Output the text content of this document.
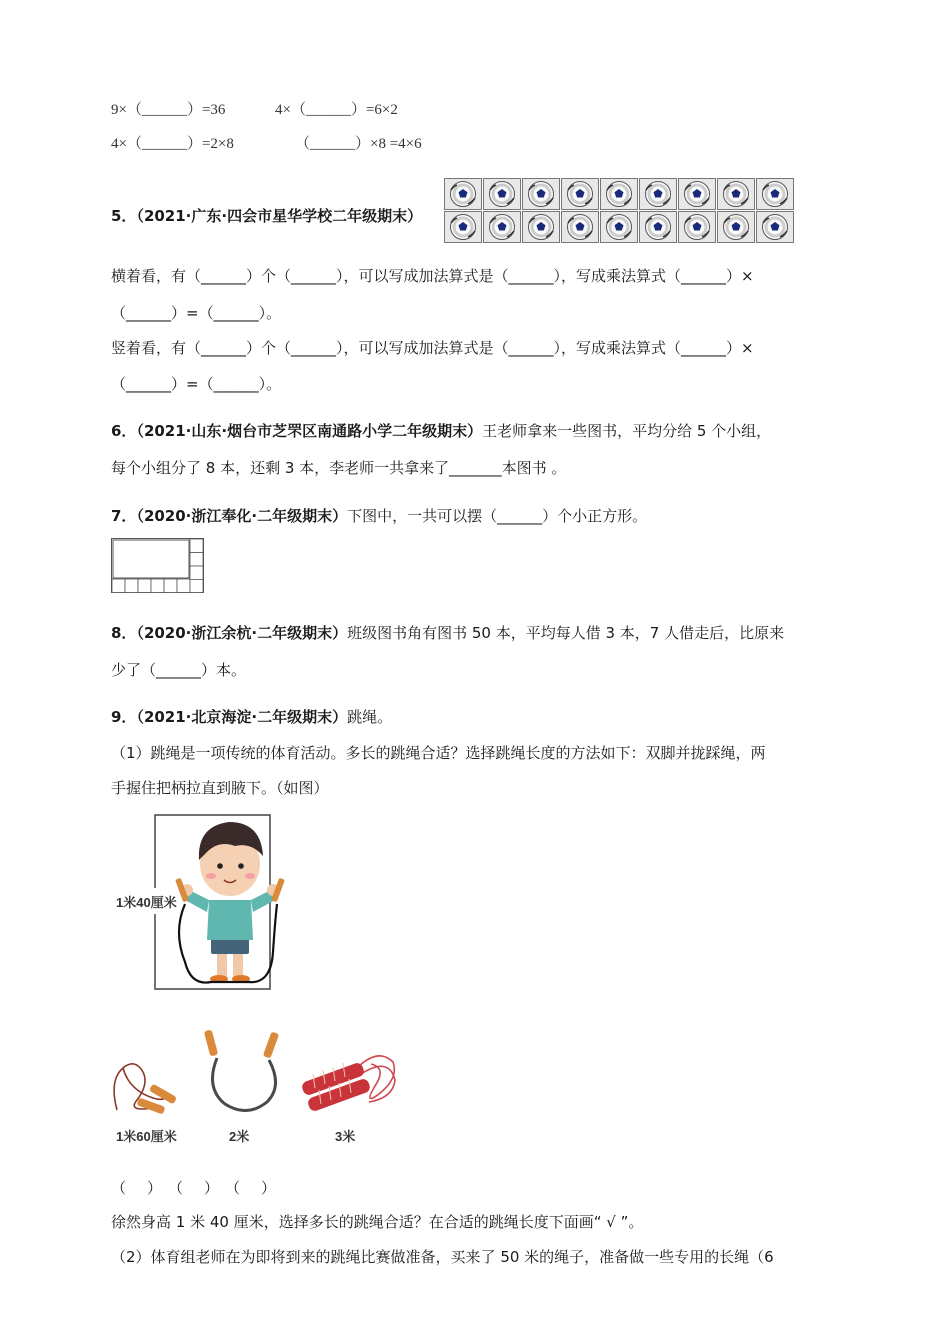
9×（______）=36	4×（______）=6×2
4×（______）=2×8	（______）×8 =4×6
5．（2021·广东·四会市星华学校二年级期末）
横着看，有（______）个（______），可以写成加法算式是（______），写成乘法算式（______）×
（______）=（______）。
竖着看，有（______）个（______），可以写成加法算式是（______），写成乘法算式（______）×
（______）=（______）。
6．（2021·山东·烟台市芝罘区南通路小学二年级期末）王老师拿来一些图书，平均分给 5 个小组，
每个小组分了 8 本，还剩 3 本，李老师一共拿来了_______本图书 。
7．（2020·浙江奉化·二年级期末）下图中，一共可以摆（______）个小正方形。
8．（2020·浙江余杭·二年级期末）班级图书角有图书 50 本，平均每人借 3 本，7 人借走后，比原来
少了（______）本。
9．（2021·北京海淀·二年级期末）跳绳。
（1）跳绳是一项传统的体育活动。多长的跳绳合适？选择跳绳长度的方法如下：双脚并拢踩绳，两
手握住把柄拉直到腋下。（如图）
1米40厘米
1米60厘米	2米	3米
（　）　（　）　（　）
徐然身高 1 米 40 厘米，选择多长的跳绳合适？在合适的跳绳长度下面画“ √ ”。
（2）体育组老师在为即将到来的跳绳比赛做准备，买来了 50 米的绳子，准备做一些专用的长绳（6
